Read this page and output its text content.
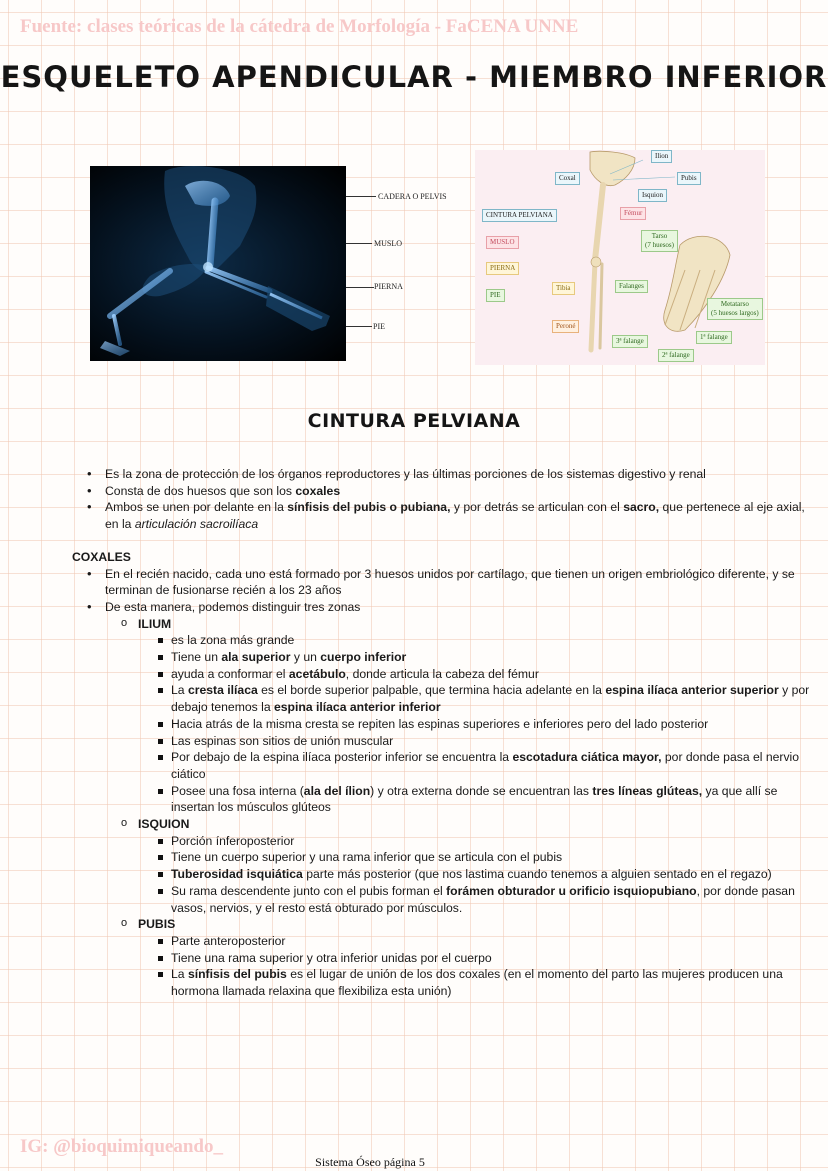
Fuente: clases teóricas de la cátedra de Morfología - FaCENA UNNE
ESQUELETO APENDICULAR - MIEMBRO INFERIOR
CADERA O PELVIS
MUSLO
PIERNA
PIE
Ilion
Coxal	Pubis
Isquion
CINTURA PELVIANA	Fémur
MUSLO
Tarso
(7 huesos)
PIERNA
Tibia	Falanges
PIE
Metatarso
(5 huesos largos)
Peroné
3ª falange	1ª falange
2ª falange
CINTURA PELVIANA
• Es la zona de protección de los órganos reproductores y las últimas porciones de los sistemas digestivo y renal
• Consta de dos huesos que son los coxales
• Ambos se unen por delante en la sínfisis del pubis o pubiana, y por detrás se articulan con el sacro, que pertenece al eje axial, en la articulación sacroilíaca
COXALES
• En el recién nacido, cada uno está formado por 3 huesos unidos por cartílago, que tienen un origen embriológico diferente, y se terminan de fusionarse recién a los 23 años
• De esta manera, podemos distinguir tres zonas
o ILIUM
es la zona más grande
Tiene un ala superior y un cuerpo inferior
ayuda a conformar el acetábulo, donde articula la cabeza del fémur
La cresta ilíaca es el borde superior palpable, que termina hacia adelante en la espina ilíaca anterior superior y por debajo tenemos la espina ilíaca anterior inferior
Hacia atrás de la misma cresta se repiten las espinas superiores e inferiores pero del lado posterior
Las espinas son sitios de unión muscular
Por debajo de la espina ilíaca posterior inferior se encuentra la escotadura ciática mayor, por donde pasa el nervio ciático
Posee una fosa interna (ala del ílion) y otra externa donde se encuentran las tres líneas glúteas, ya que allí se insertan los músculos glúteos
o ISQUION
Porción ínferoposterior
Tiene un cuerpo superior y una rama inferior que se articula con el pubis
Tuberosidad isquiática parte más posterior (que nos lastima cuando tenemos a alguien sentado en el regazo)
Su rama descendente junto con el pubis forman el forámen obturador u orificio isquiopubiano, por donde pasan vasos, nervios, y el resto está obturado por músculos.
o PUBIS
Parte anteroposterior
Tiene una rama superior y otra inferior unidas por el cuerpo
La sínfisis del pubis es el lugar de unión de los dos coxales (en el momento del parto las mujeres producen una hormona llamada relaxina que flexibiliza esta unión)
IG: @bioquimiqueando_
Sistema Óseo página 5
